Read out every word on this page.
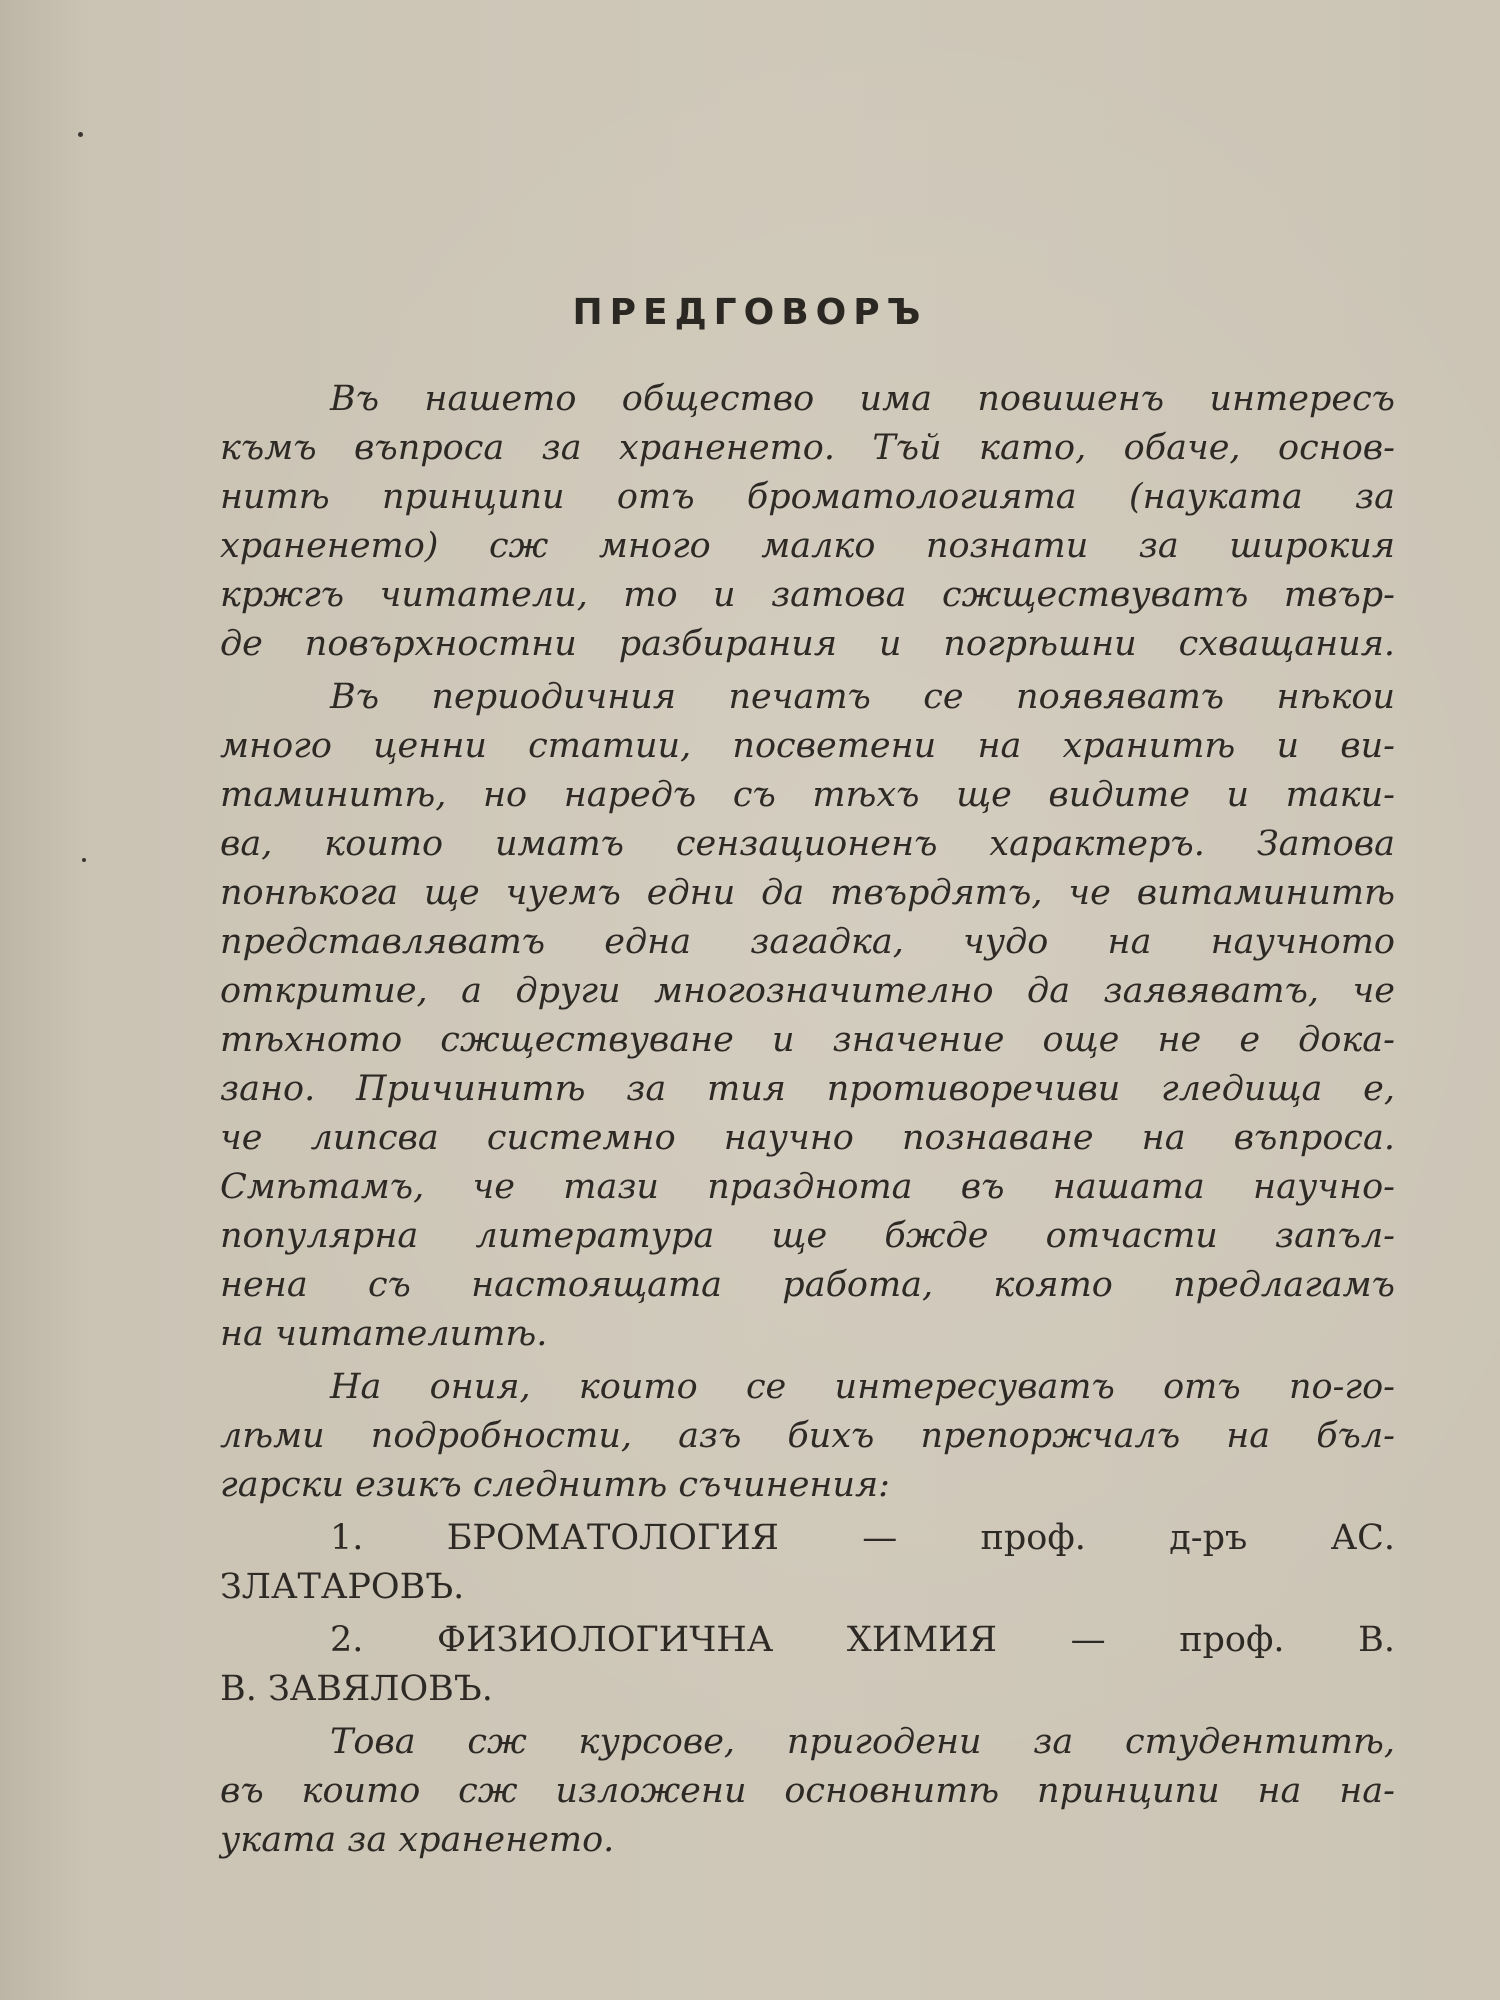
ПРЕДГОВОРЪ
Въ нашето общество има повишенъ интересъ
къмъ въпроса за храненето. Тъй като, обаче, основ-
нитѣ принципи отъ броматологията (науката за
храненето) сж много малко познати за широкия
кржгъ читатели, то и затова сжществуватъ твър-
де повърхностни разбирания и погрѣшни схващания.
Въ периодичния печатъ се появяватъ нѣкои
много ценни статии, посветени на хранитѣ и ви-
таминитѣ, но наредъ съ тѣхъ ще видите и таки-
ва, които иматъ сензационенъ характеръ. Затова
понѣкога ще чуемъ едни да твърдятъ, че витаминитѣ
представляватъ една загадка, чудо на научното
откритие, а други многозначително да заявяватъ, че
тѣхното сжществуване и значение още не е дока-
зано. Причинитѣ за тия противоречиви гледища е,
че липсва системно научно познаване на въпроса.
Смѣтамъ, че тази празднота въ нашата научно-
популярна литература ще бжде отчасти запъл-
нена съ настоящата работа, която предлагамъ
на читателитѣ.
На ония, които се интересуватъ отъ по-го-
лѣми подробности, азъ бихъ препоржчалъ на бъл-
гарски езикъ следнитѣ съчинения:
1. БРОМАТОЛОГИЯ — проф. д-ръ АС.
ЗЛАТАРОВЪ.
2. ФИЗИОЛОГИЧНА ХИМИЯ — проф. В.
В. ЗАВЯЛОВЪ.
Това сж курсове, пригодени за студентитѣ,
въ които сж изложени основнитѣ принципи на на-
уката за храненето.
